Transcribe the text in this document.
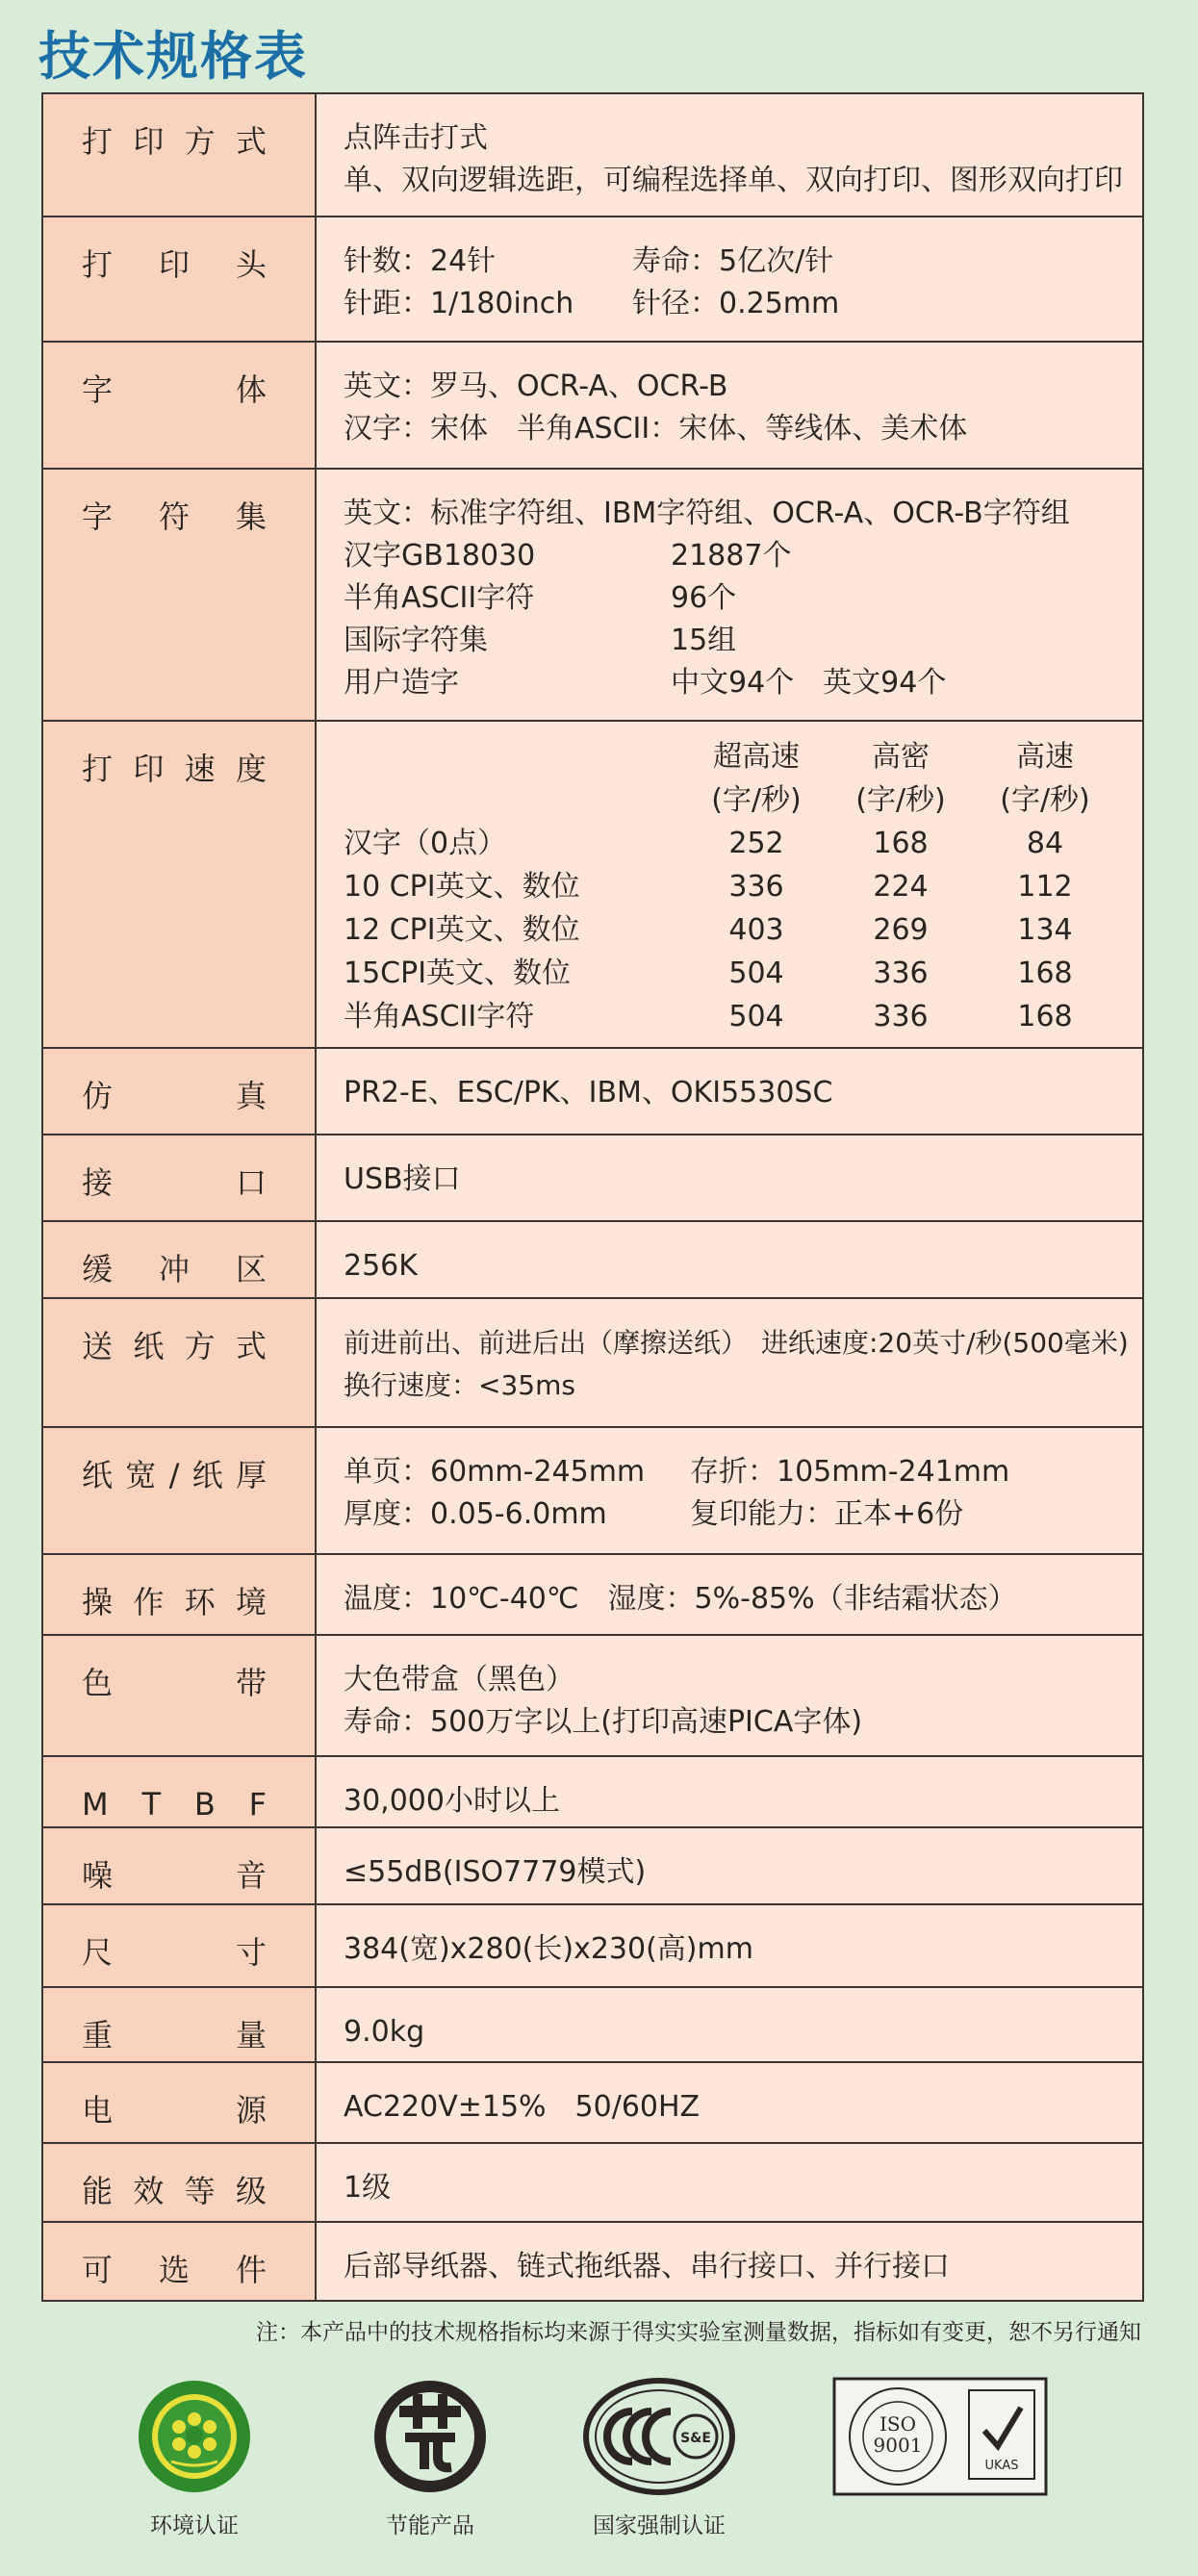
技术规格表
打 印 方 式	点阵击打式
单、双向逻辑选距，可编程选择单、双向打印、图形双向打印

打 印 头	针数：24针	寿命：5亿次/针
针距：1/180inch	针径：0.25mm

字	体	英文：罗马、OCR-A、OCR-B
汉字：宋体　半角ASCII：宋体、等线体、美术体

字 符 集	英文：标准字符组、IBM字符组、OCR-A、OCR-B字符组
汉字GB18030	21887个
半角ASCII字符	96个
国际字符集	15组
用户造字	中文94个　英文94个

打 印 速 度

		超高速	高密	高速
	(字/秒)	(字/秒)	(字/秒)
汉字（0点）	252	168	84
10 CPI英文、数位	336	224	112
12 CPI英文、数位	403	269	134
15CPI英文、数位	504	336	168
半角ASCII字符	504	336	168

仿	真	PR2-E、ESC/PK、IBM、OKI5530SC

接	口	USB接口

缓 冲 区	256K

送 纸 方 式	前进前出、前进后出（摩擦送纸）　进纸速度:20英寸/秒(500毫米)
换行速度：<35ms

纸 宽 / 纸 厚	单页：60mm-245mm	存折：105mm-241mm
厚度：0.05-6.0mm	复印能力：正本+6份

操 作 环 境	温度：10℃-40℃　湿度：5%-85%（非结霜状态）

色	带	大色带盒（黑色）
寿命：500万字以上(打印高速PICA字体)

M T B F	30,000小时以上

噪	音	≤55dB(ISO7779模式)

尺	寸	384(宽)x280(长)x230(高)mm

重	量	9.0kg

电	源	AC220V±15%　50/60HZ

能 效 等 级	1级

可 选 件	后部导纸器、链式拖纸器、串行接口、并行接口
注：本产品中的技术规格指标均来源于得实实验室测量数据，指标如有变更，恕不另行通知
环境认证	节能产品
S&E
国家强制认证
ISO
9001
UKAS
